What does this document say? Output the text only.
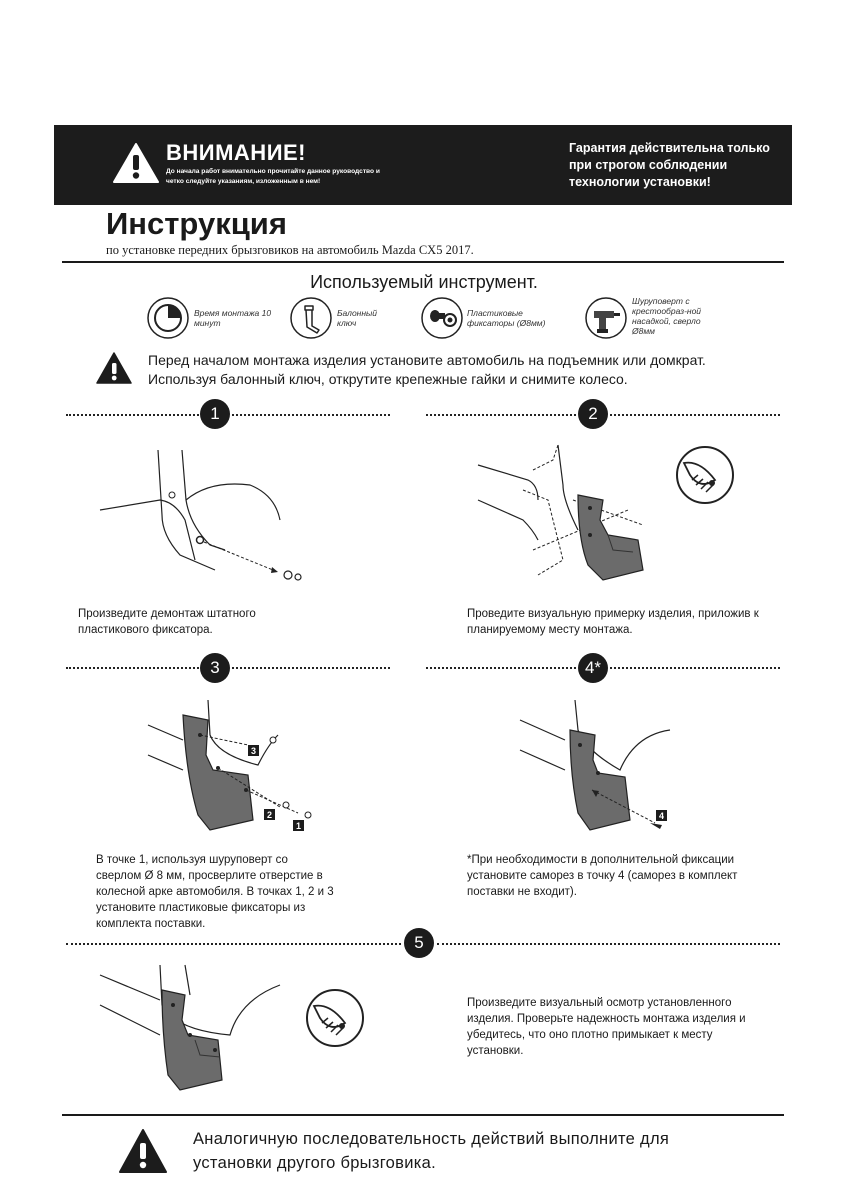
ВНИМАНИЕ!
До начала работ внимательно прочитайте данное руководство и четко следуйте указаниям, изложенным в нем!
Гарантия действительна только при строгом соблюдении технологии установки!
Инструкция
по установке передних брызговиков на автомобиль Mazda CX5 2017.
Используемый инструмент.
Время монтажа 10 минут
Балонный ключ
Пластиковые фиксаторы (Ø8мм)
Шуруповерт с крестообраз-ной насадкой, сверло Ø8мм
Перед началом монтажа изделия установите автомобиль на подъемник или домкрат. Используя балонный ключ, открутите крепежные гайки и снимите колесо.
1	2
Произведите демонтаж штатного пластикового фиксатора.
Проведите визуальную примерку изделия, приложив к планируемому месту монтажа.
3	4*
3
2
1
В точке 1, используя шуруповерт со сверлом Ø 8 мм, просверлите отверстие в колесной арке автомобиля. В точках 1, 2 и 3 установите пластиковые фиксаторы из комплекта поставки.
4
*При необходимости в дополнительной фиксации установите саморез в точку 4 (саморез в комплект поставки не входит).
5
Произведите визуальный осмотр установленного изделия. Проверьте надежность монтажа изделия и убедитесь, что оно плотно примыкает к месту установки.
Аналогичную последовательность действий выполните для установки другого брызговика.
